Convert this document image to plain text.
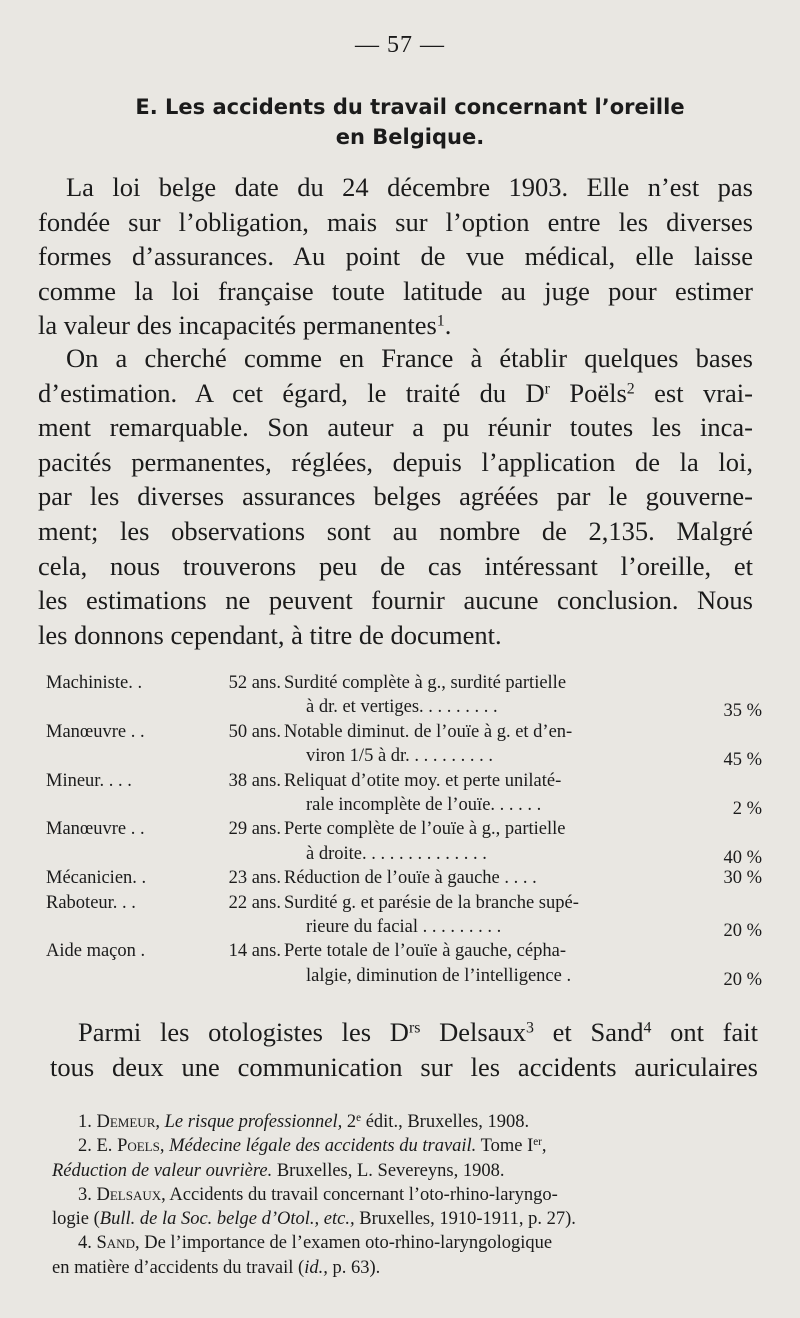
— 57 —
E. Les accidents du travail concernant l’oreille
en Belgique.
La loi belge date du 24 décembre 1903. Elle n’est pas
fondée sur l’obligation, mais sur l’option entre les diverses
formes d’assurances. Au point de vue médical, elle laisse
comme la loi française toute latitude au juge pour estimer
la valeur des incapacités permanentes$^1$.
On a cherché comme en France à établir quelques bases
d’estimation. A cet égard, le traité du $D^r$ Poëls$^2$ est vrai-
ment remarquable. Son auteur a pu réunir toutes les inca-
pacités permanentes, réglées, depuis l’application de la loi,
par les diverses assurances belges agréées par le gouverne-
ment; les observations sont au nombre de 2,135. Malgré
cela, nous trouverons peu de cas intéressant l’oreille, et
les estimations ne peuvent fournir aucune conclusion. Nous
les donnons cependant, à titre de document.
Machiniste. .	52 ans. Surdité complète à g., surdité partielle
à dr. et vertiges. . . . . . . . .	35 %
Manœuvre . .	50 ans. Notable diminut. de l’ouïe à g. et d’en-
viron 1/5 à dr. . . . . . . . . .	45 %
Mineur. . . .	38 ans. Reliquat d’otite moy. et perte unilaté-
rale incomplète de l’ouïe. . . . . .	2 %
Manœuvre . .	29 ans. Perte complète de l’ouïe à g., partielle
à droite. . . . . . . . . . . . . .	40 %
Mécanicien. .	23 ans. Réduction de l’ouïe à gauche . . . .	30 %
Raboteur. . .	22 ans. Surdité g. et parésie de la branche supé-
rieure du facial . . . . . . . . .	20 %
Aide maçon .	14 ans. Perte totale de l’ouïe à gauche, cépha-
lalgie, diminution de l’intelligence .	20 %
Parmi les otologistes les $D^{rs}$ Delsaux$^3$ et Sand$^4$ ont fait
tous deux une communication sur les accidents auriculaires
1. Demeur, Le risque professionnel, 2e édit., Bruxelles, 1908.
2. E. Poels, Médecine légale des accidents du travail. Tome Ier,
Réduction de valeur ouvrière. Bruxelles, L. Severeyns, 1908.
3. Delsaux, Accidents du travail concernant l’oto-rhino-laryngo-
logie (Bull. de la Soc. belge d’Otol., etc., Bruxelles, 1910-1911, p. 27).
4. Sand, De l’importance de l’examen oto-rhino-laryngologique
en matière d’accidents du travail (id., p. 63).
